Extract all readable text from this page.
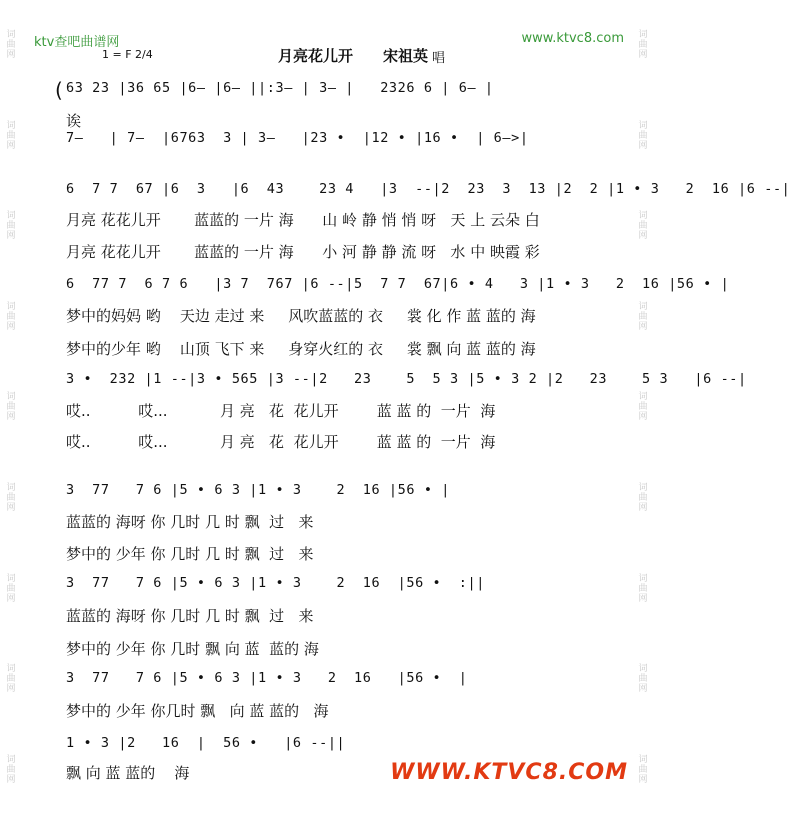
词
曲
网
词
曲
网
词
曲
网
词
曲
网
词
曲
网
词
曲
网
词
曲
网
词
曲
网
词
曲
网
词
曲
网
词
曲
网
词
曲
网
词
曲
网
词
曲
网
词
曲
网
词
曲
网
词
曲
网
词
曲
网
ktv查吧曲谱网	www.ktvc8.com
1 = F 2/4	月亮花儿开 宋祖英 唱
( 63 23 |36 65 |6— |6— ||:3— | 3— |   2326 6 | 6— |
诶
7—   | 7—  |6763  3 | 3—   |23 •  |12 • |16 •  | 6—>|
6  7 7  67 |6  3   |6  43    23 4   |3  --|2  23  3  13 |2  2 |1 • 3   2  16 |6 --|
月亮 花花儿开       蓝蓝的 一片 海      山 岭 静 悄 悄 呀   天 上 云朵 白
月亮 花花儿开       蓝蓝的 一片 海      小 河 静 静 流 呀   水 中 映霞 彩
6  77 7  6 7 6   |3 7  767 |6 --|5  7 7  67|6 • 4   3 |1 • 3   2  16 |56 • |
梦中的妈妈 哟    天边 走过 来     风吹蓝蓝的 衣     裳 化 作 蓝 蓝的 海
梦中的少年 哟    山顶 飞下 来     身穿火红的 衣     裳 飘 向 蓝 蓝的 海
3 •  232 |1 --|3 • 565 |3 --|2   23    5  5 3 |5 • 3 2 |2   23    5 3   |6 --|
哎..          哎...           月 亮   花  花儿开        蓝 蓝 的  一片  海
哎..          哎...           月 亮   花  花儿开        蓝 蓝 的  一片  海
3  77   7 6 |5 • 6 3 |1 • 3    2  16 |56 • |
蓝蓝的 海呀 你 几时 几 时 飘  过   来
梦中的 少年 你 几时 几 时 飘  过   来
3  77   7 6 |5 • 6 3 |1 • 3    2  16  |56 •  :||
蓝蓝的 海呀 你 几时 几 时 飘  过   来
梦中的 少年 你 几时 飘 向 蓝  蓝的 海
3  77   7 6 |5 • 6 3 |1 • 3   2  16   |56 •  |
梦中的 少年 你几时 飘   向 蓝 蓝的   海
1 • 3 |2   16  |  56 •   |6 --||
飘 向 蓝 蓝的    海	WWW.KTVC8.COM
